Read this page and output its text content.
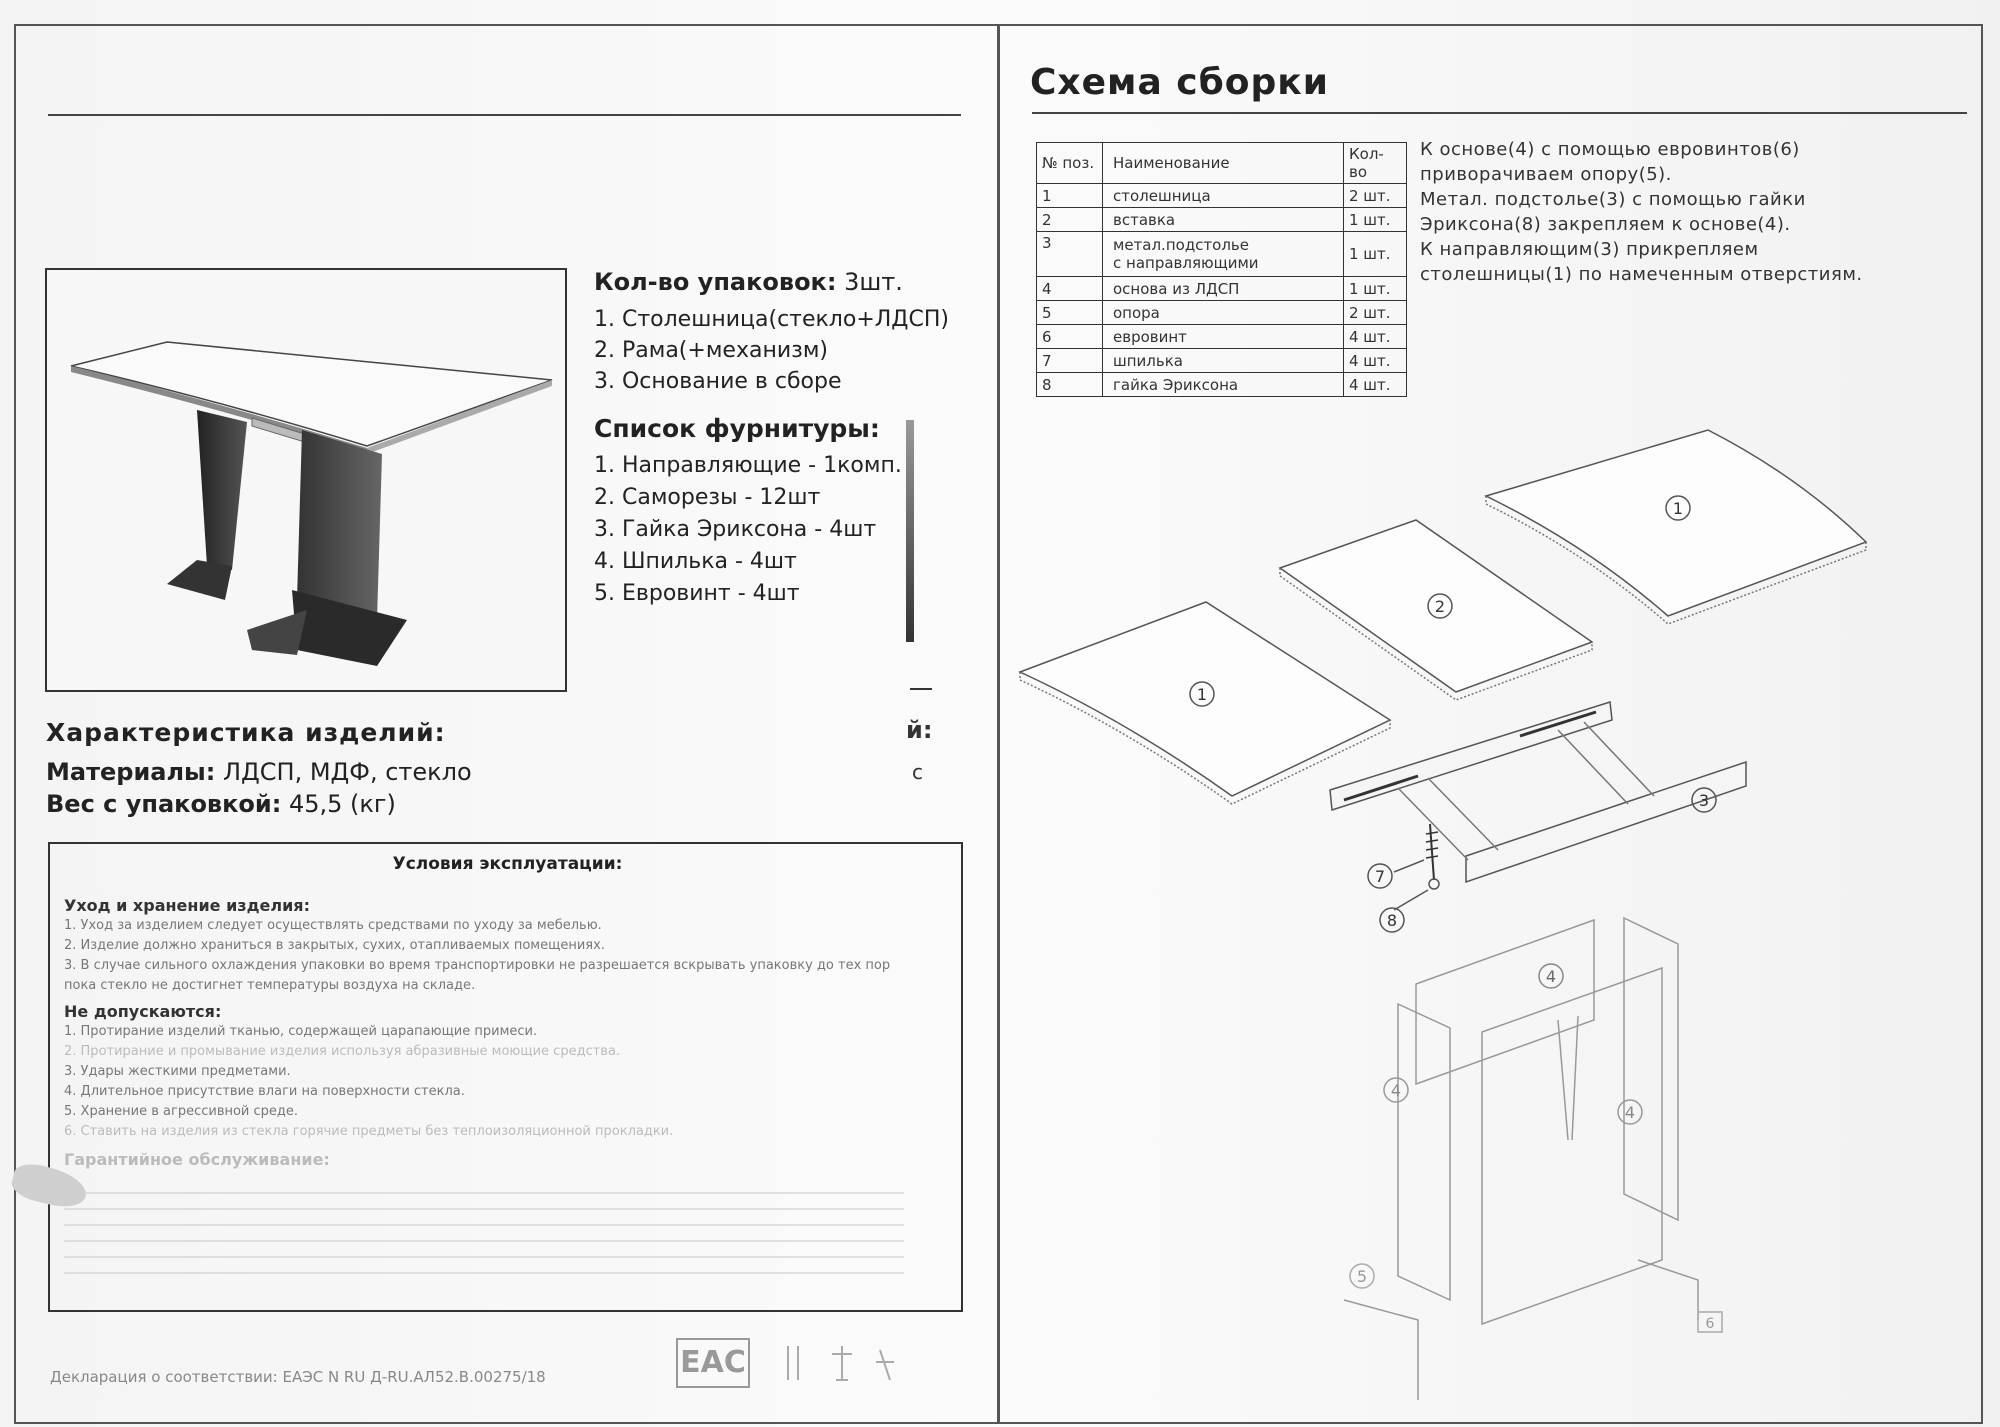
Кол-во упаковок: 3шт.
1. Столешница(стекло+ЛДСП)
2. Рама(+механизм)
3. Основание в сборе
Список фурнитуры:
1. Направляющие - 1комп.
2. Саморезы - 12шт
3. Гайка Эриксона - 4шт
4. Шпилька - 4шт
5. Евровинт - 4шт
Характеристика изделий:	й:
Материалы: ЛДСП, МДФ, стекло	с
Вес с упаковкой: 45,5 (кг)
Условия эксплуатации:
Уход и хранение изделия:
1. Уход за изделием следует осуществлять средствами по уходу за мебелью.
2. Изделие должно храниться в закрытых, сухих, отапливаемых помещениях.
3. В случае сильного охлаждения упаковки во время транспортировки не разрешается вскрывать упаковку до тех пор
пока стекло не достигнет температуры воздуха на складе.
Не допускаются:
1. Протирание изделий тканью, содержащей царапающие примеси.
2. Протирание и промывание изделия используя абразивные моющие средства.
3. Удары жесткими предметами.
4. Длительное присутствие влаги на поверхности стекла.
5. Хранение в агрессивной среде.
6. Ставить на изделия из стекла горячие предметы без теплоизоляционной прокладки.
Гарантийное обслуживание:
Декларация о соответствии: ЕАЭС N RU Д-RU.АЛ52.В.00275/18	ЕАС
Схема сборки
№ поз.	Наименование	Кол-во
1	столешница	2 шт.
2	вставка	1 шт.
3	метал.подстолье
с направляющими	1 шт.
4	основа из ЛДСП	1 шт.
5	опора	2 шт.
6	евровинт	4 шт.
7	шпилька	4 шт.
8	гайка Эриксона	4 шт.
К основе(4) с помощью евровинтов(6)
приворачиваем опору(5).
Метал. подстолье(3) с помощью гайки
Эриксона(8) закрепляем к основе(4).
К направляющим(3) прикрепляем
столешницы(1) по намеченным отверстиям.
1
2
1
3
7
8
4
4
4
5
6
